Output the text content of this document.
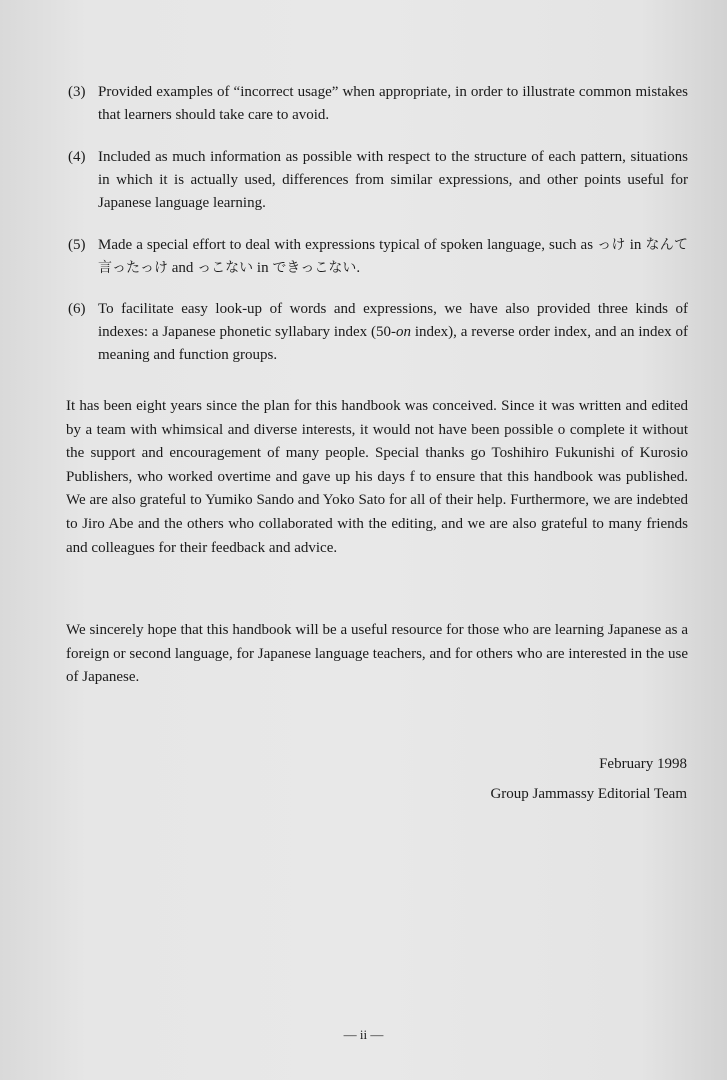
(3) Provided examples of “incorrect usage” when appropriate, in order to illustrate common mistakes that learners should take care to avoid.
(4) Included as much information as possible with respect to the structure of each pattern, situations in which it is actually used, differences from similar expressions, and other points useful for Japanese language learning.
(5) Made a special effort to deal with expressions typical of spoken language, such as っけ in なんて言ったっけ and っこない in できっこない.
(6) To facilitate easy look-up of words and expressions, we have also provided three kinds of indexes: a Japanese phonetic syllabary index (50-on index), a reverse order index, and an index of meaning and function groups.

It has been eight years since the plan for this handbook was conceived. Since it was written and edited by a team with whimsical and diverse interests, it would not have been possible o complete it without the support and encouragement of many people. Special thanks go Toshihiro Fukunishi of Kurosio Publishers, who worked overtime and gave up his days f to ensure that this handbook was published. We are also grateful to Yumiko Sando and Yoko Sato for all of their help. Furthermore, we are indebted to Jiro Abe and the others who collaborated with the editing, and we are also grateful to many friends and colleagues for their feedback and advice.

We sincerely hope that this handbook will be a useful resource for those who are learning Japanese as a foreign or second language, for Japanese language teachers, and for others who are interested in the use of Japanese.

February 1998
Group Jammassy Editorial Team
— ii —
